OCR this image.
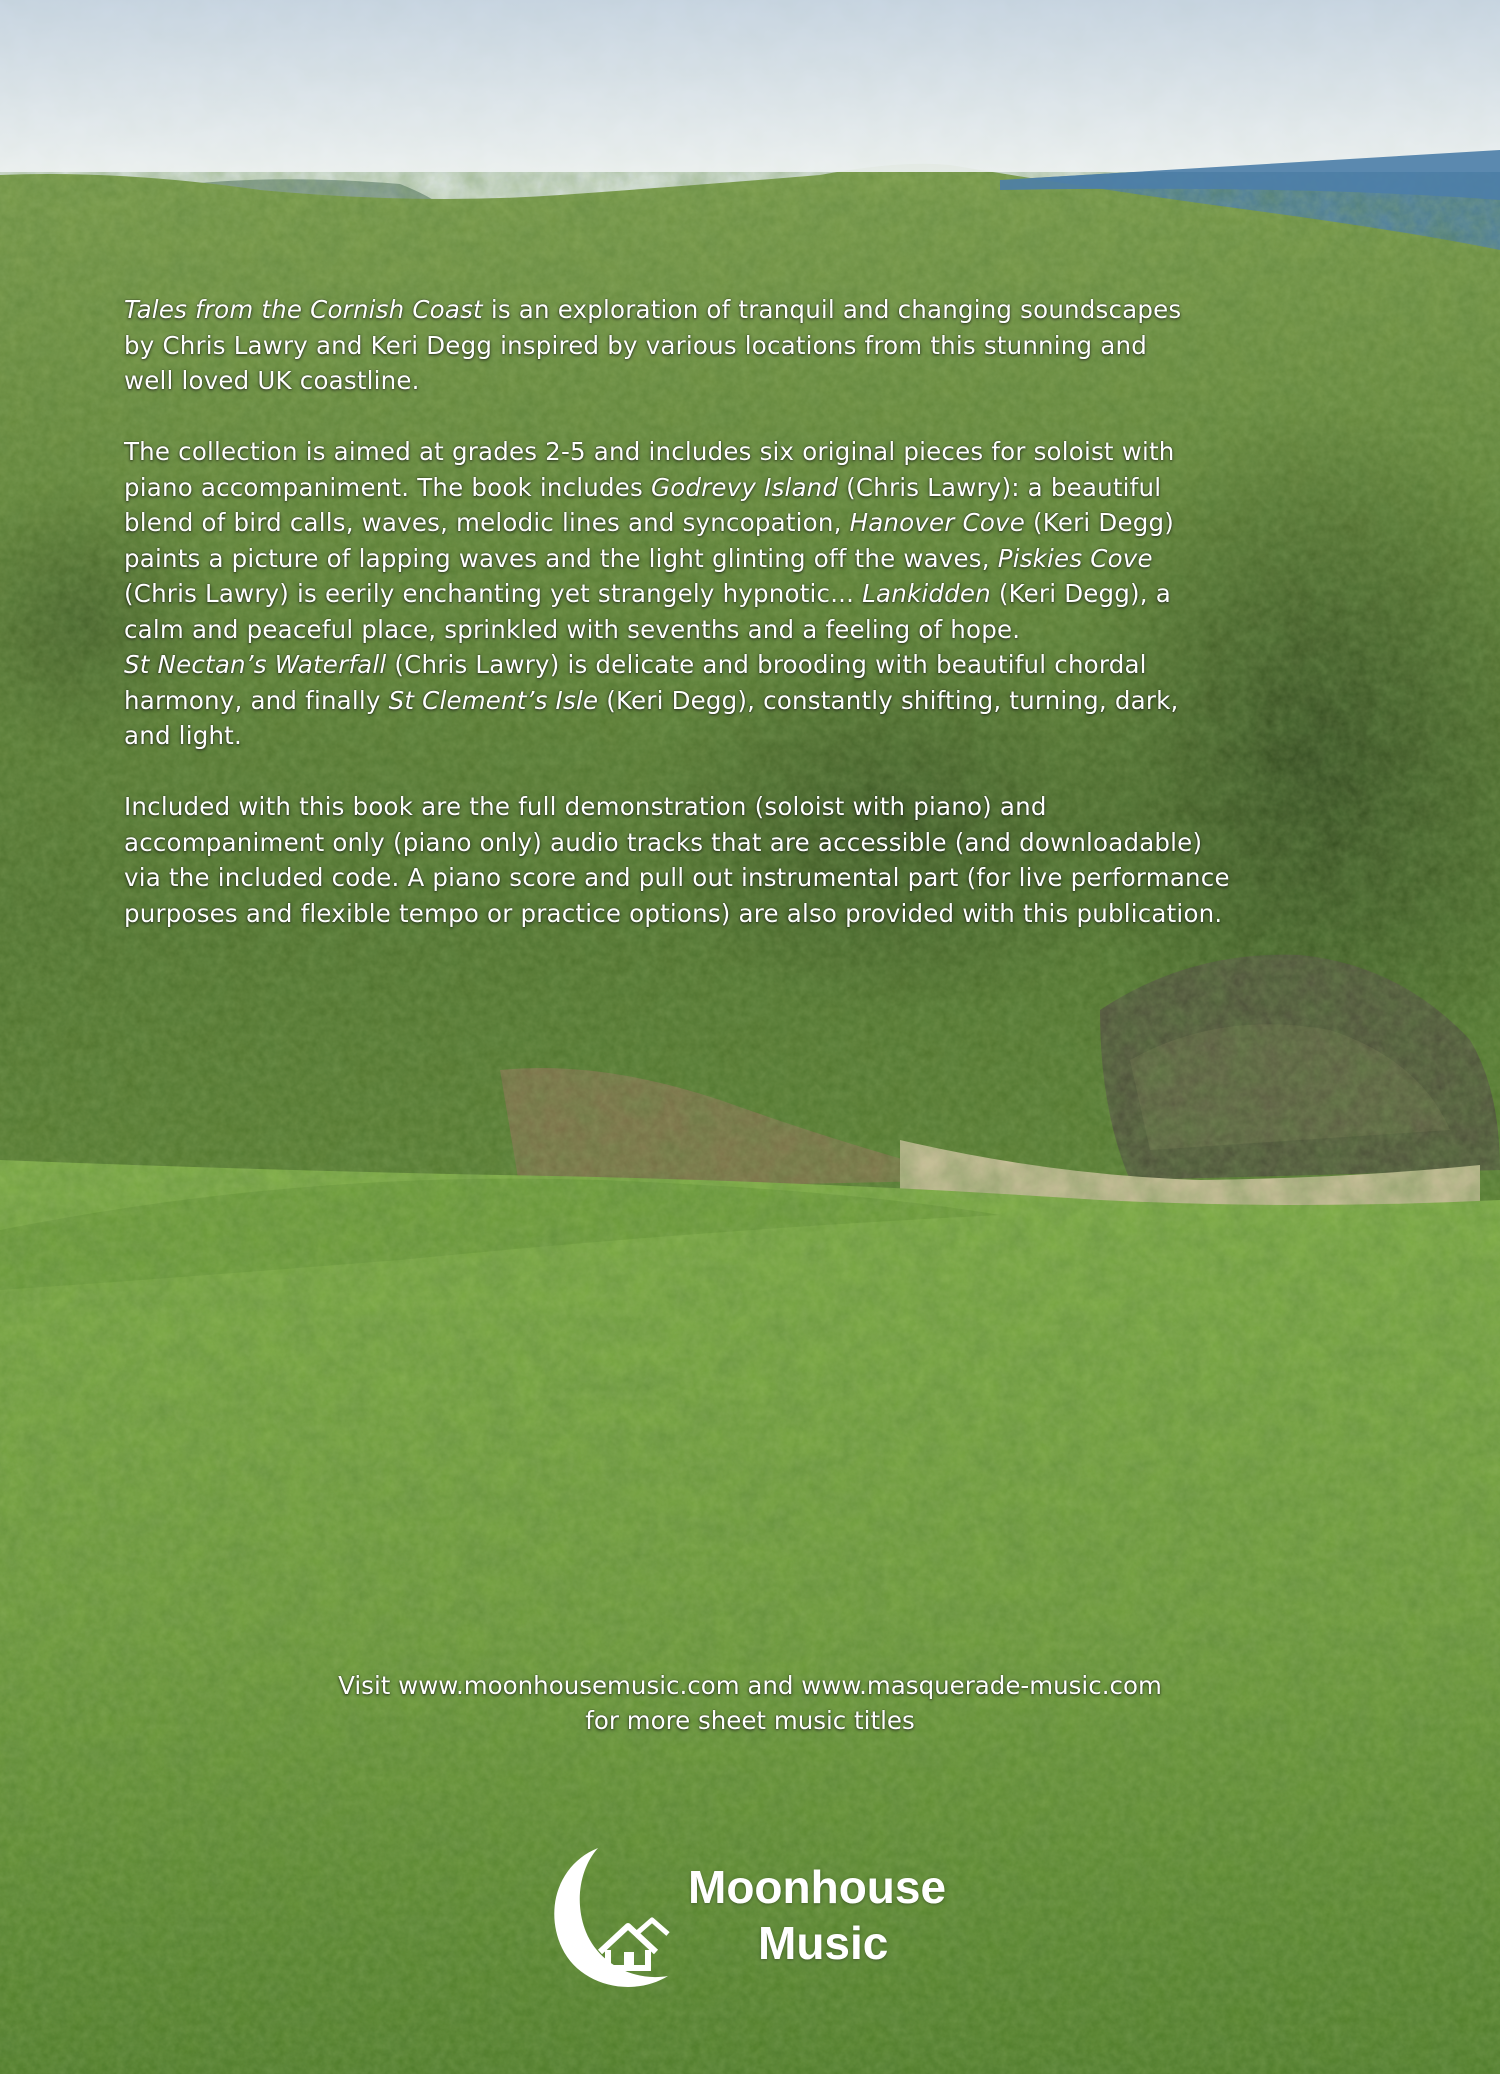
Tales from the Cornish Coast is an exploration of tranquil and changing soundscapes
by Chris Lawry and Keri Degg inspired by various locations from this stunning and
well loved UK coastline.

The collection is aimed at grades 2-5 and includes six original pieces for soloist with
piano accompaniment. The book includes Godrevy Island (Chris Lawry): a beautiful
blend of bird calls, waves, melodic lines and syncopation, Hanover Cove (Keri Degg)
paints a picture of lapping waves and the light glinting off the waves, Piskies Cove
(Chris Lawry) is eerily enchanting yet strangely hypnotic... Lankidden (Keri Degg), a
calm and peaceful place, sprinkled with sevenths and a feeling of hope.
St Nectan’s Waterfall (Chris Lawry) is delicate and brooding with beautiful chordal
harmony, and finally St Clement’s Isle (Keri Degg), constantly shifting, turning, dark,
and light.

Included with this book are the full demonstration (soloist with piano) and
accompaniment only (piano only) audio tracks that are accessible (and downloadable)
via the included code. A piano score and pull out instrumental part (for live performance
purposes and flexible tempo or practice options) are also provided with this publication.

Visit www.moonhousemusic.com and www.masquerade-music.com
for more sheet music titles
Moonhouse
Music
